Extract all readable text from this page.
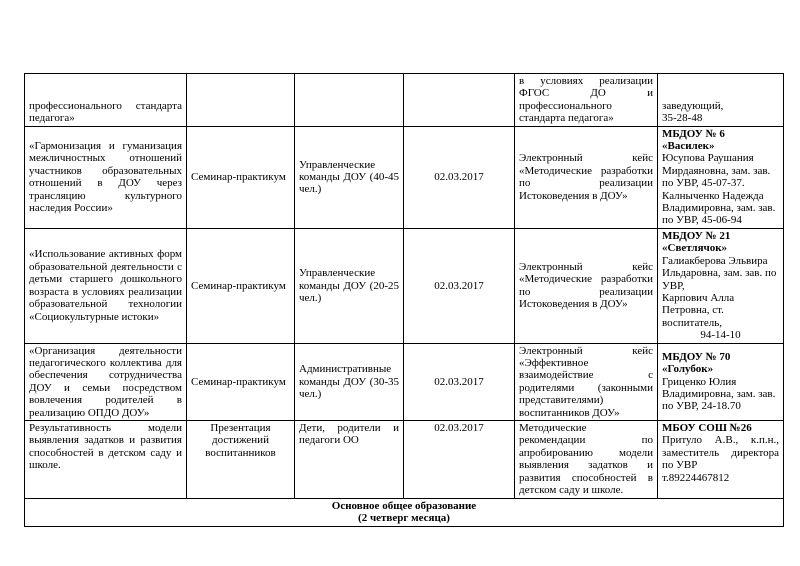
профессионального стандарта педагога»				в условиях реализации ФГОС ДО и профессионального стандарта педагога»	заведующий,
35-28-48

«Гармонизация и гуманизация межличностных отношений участников образовательных отношений в ДОУ через трансляцию культурного наследия России»	Семинар-практикум	Управленческие команды ДОУ (40-45 чел.)	02.03.2017	Электронный кейс «Методические разработки по реализации Истоковедения в ДОУ»	МБДОУ № 6 «Василек»
Юсупова Раушания Мирдаяновна, зам. зав. по УВР, 45-07-37.
Калныченко Надежда Владимировна, зам. зав. по УВР, 45-06-94

«Использование активных форм образовательной деятельности с детьми старшего дошкольного возраста в условиях реализации образовательной технологии «Социокультурные истоки»	Семинар-практикум	Управленческие команды ДОУ (20-25 чел.)	02.03.2017	Электронный кейс «Методические разработки по реализации Истоковедения в ДОУ»	МБДОУ № 21 «Светлячок»
Галиакберова Эльвира Ильдаровна, зам. зав. по УВР,
Карпович Алла Петровна, ст. воспитатель,
94-14-10

«Организация деятельности педагогического коллектива для обеспечения сотрудничества ДОУ и семьи посредством вовлечения родителей в реализацию ОПДО ДОУ»	Семинар-практикум	Административные команды ДОУ (30-35 чел.)	02.03.2017	Электронный кейс «Эффективное взаимодействие с родителями (законными представителями) воспитанников ДОУ»	МБДОУ № 70 «Голубок»
Гриценко Юлия Владимировна, зам. зав. по УВР, 24-18.70

Результативность модели выявления задатков и развития способностей в детском саду и школе.	Презентация достижений воспитанников	Дети, родители и педагоги ОО	02.03.2017	Методические рекомендации по апробированию модели выявления задатков и развития способностей в детском саду и школе.	МБОУ СОШ №26
Притуло А.В., к.п.н., заместитель директора по УВР
т.89224467812

Основное общее образование
(2 четверг месяца)					
